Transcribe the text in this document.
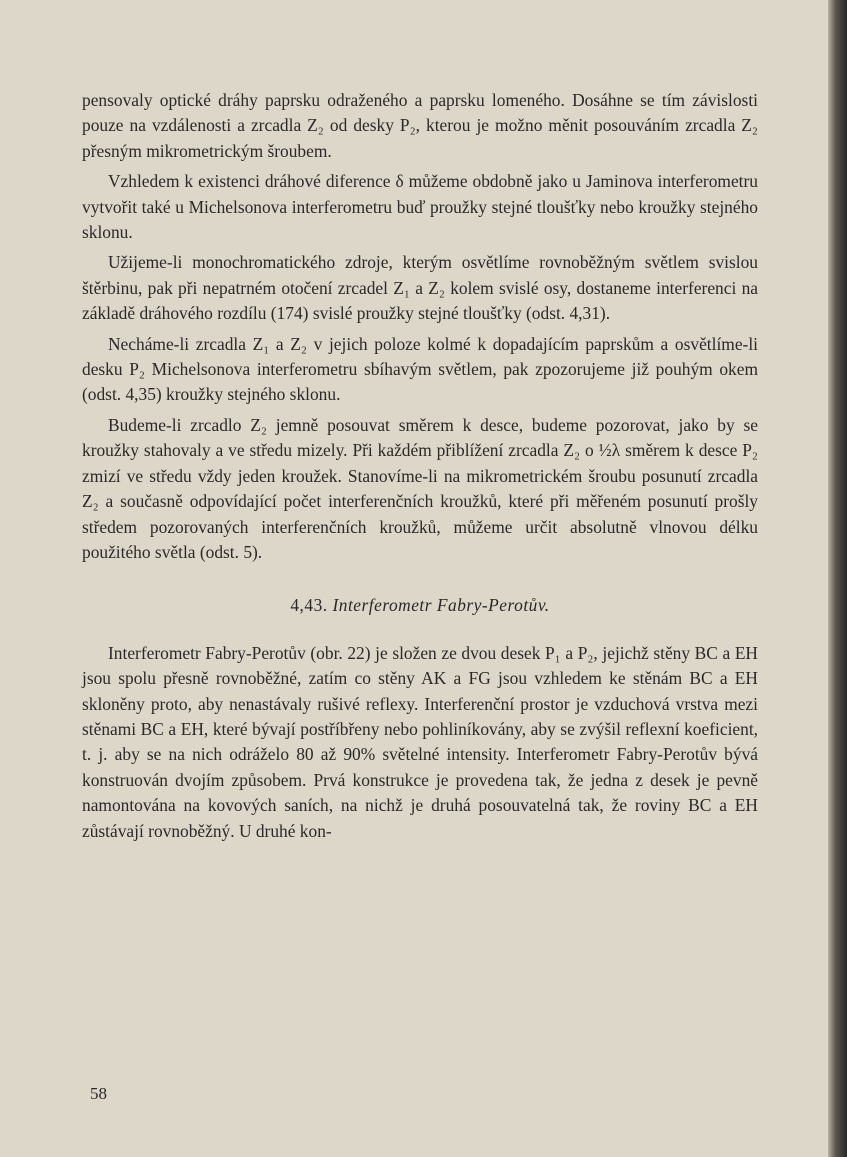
pensovaly optické dráhy paprsku odraženého a paprsku lomeného. Dosáhne se tím závislosti pouze na vzdálenosti a zrcadla Z₂ od desky P₂, kterou je možno měnit posouváním zrcadla Z₂ přesným mikrometrickým šroubem.

Vzhledem k existenci dráhové diference δ můžeme obdobně jako u Jaminova interferometru vytvořit také u Michelsonova interferometru buď proužky stejné tloušťky nebo kroužky stejného sklonu.

Užijeme-li monochromatického zdroje, kterým osvětlíme rovnoběžným světlem svislou štěrbinu, pak při nepatrném otočení zrcadel Z₁ a Z₂ kolem svislé osy, dostaneme interferenci na základě dráhového rozdílu (174) svislé proužky stejné tloušťky (odst. 4,31).

Necháme-li zrcadla Z₁ a Z₂ v jejich poloze kolmé k dopadajícím paprskům a osvětlíme-li desku P₂ Michelsonova interferometru sbíhavým světlem, pak zpozorujeme již pouhým okem (odst. 4,35) kroužky stejného sklonu.

Budeme-li zrcadlo Z₂ jemně posouvat směrem k desce, budeme pozorovat, jako by se kroužky stahovaly a ve středu mizely. Při každém přiblížení zrcadla Z₂ o ½λ směrem k desce P₂ zmizí ve středu vždy jeden kroužek. Stanovíme-li na mikrometrickém šroubu posunutí zrcadla Z₂ a současně odpovídající počet interferenčních kroužků, které při měřeném posunutí prošly středem pozorovaných interferenčních kroužků, můžeme určit absolutně vlnovou délku použitého světla (odst. 5).

4,43. Interferometr Fabry-Perotův.

Interferometr Fabry-Perotův (obr. 22) je složen ze dvou desek P₁ a P₂, jejichž stěny BC a EH jsou spolu přesně rovnoběžné, zatím co stěny AK a FG jsou vzhledem ke stěnám BC a EH skloněny proto, aby nenastávaly rušivé reflexy. Interferenční prostor je vzduchová vrstva mezi stěnami BC a EH, které bývají postříbřeny nebo pohliníkovány, aby se zvýšil reflexní koeficient, t. j. aby se na nich odráželo 80 až 90% světelné intensity. Interferometr Fabry-Perotův bývá konstruován dvojím způsobem. Prvá konstrukce je provedena tak, že jedna z desek je pevně namontována na kovových saních, na nichž je druhá posouvatelná tak, že roviny BC a EH zůstávají rovnoběžný. U druhé kon-

58
